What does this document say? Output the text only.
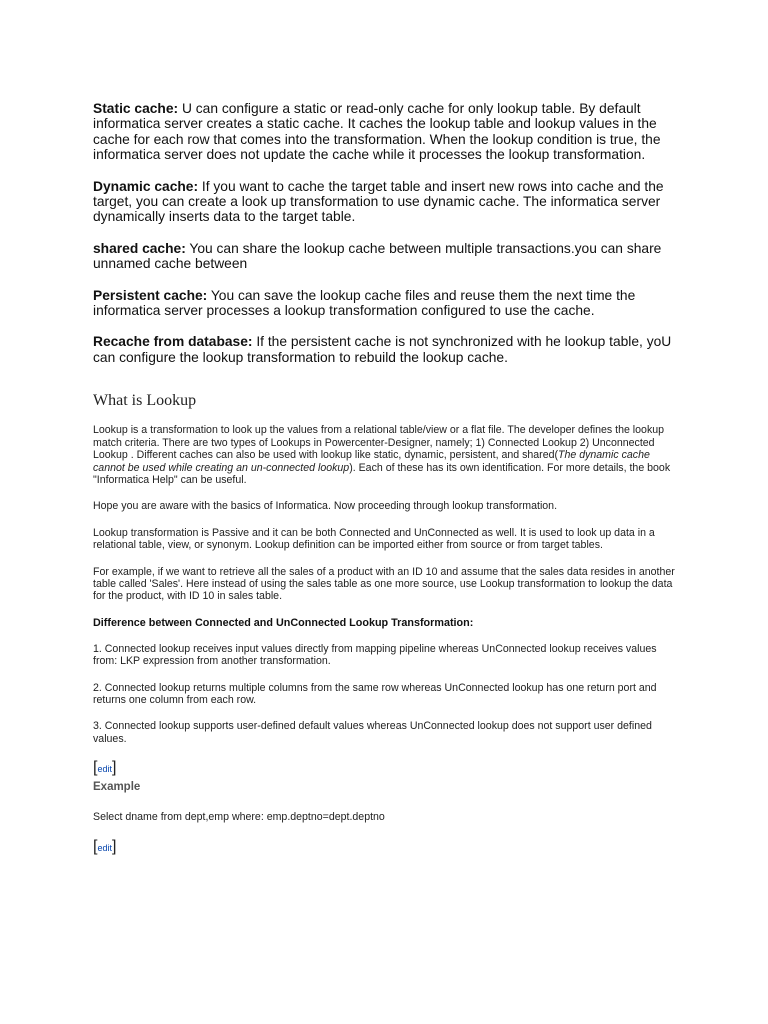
Static cache: U can configure a static or read-only cache for only lookup table. By default informatica server creates a static cache. It caches the lookup table and lookup values in the cache for each row that comes into the transformation. When the lookup condition is true, the informatica server does not update the cache while it processes the lookup transformation.

Dynamic cache: If you want to cache the target table and insert new rows into cache and the target, you can create a look up transformation to use dynamic cache. The informatica server dynamically inserts data to the target table.

shared cache: You can share the lookup cache between multiple transactions.you can share unnamed cache between

Persistent cache: You can save the lookup cache files and reuse them the next time the informatica server processes a lookup transformation configured to use the cache.

Recache from database: If the persistent cache is not synchronized with he lookup table, yoU can configure the lookup transformation to rebuild the lookup cache.

What is Lookup

Lookup is a transformation to look up the values from a relational table/view or a flat file. The developer defines the lookup match criteria. There are two types of Lookups in Powercenter-Designer, namely; 1) Connected Lookup 2) Unconnected Lookup . Different caches can also be used with lookup like static, dynamic, persistent, and shared(The dynamic cache cannot be used while creating an un-connected lookup). Each of these has its own identification. For more details, the book "Informatica Help" can be useful.

Hope you are aware with the basics of Informatica. Now proceeding through lookup transformation.

Lookup transformation is Passive and it can be both Connected and UnConnected as well. It is used to look up data in a relational table, view, or synonym. Lookup definition can be imported either from source or from target tables.

For example, if we want to retrieve all the sales of a product with an ID 10 and assume that the sales data resides in another table called 'Sales'. Here instead of using the sales table as one more source, use Lookup transformation to lookup the data for the product, with ID 10 in sales table.

Difference between Connected and UnConnected Lookup Transformation:

1. Connected lookup receives input values directly from mapping pipeline whereas UnConnected lookup receives values from: LKP expression from another transformation.

2. Connected lookup returns multiple columns from the same row whereas UnConnected lookup has one return port and returns one column from each row.

3. Connected lookup supports user-defined default values whereas UnConnected lookup does not support user defined values.

[edit]

Example

Select dname from dept,emp where: emp.deptno=dept.deptno

[edit]
